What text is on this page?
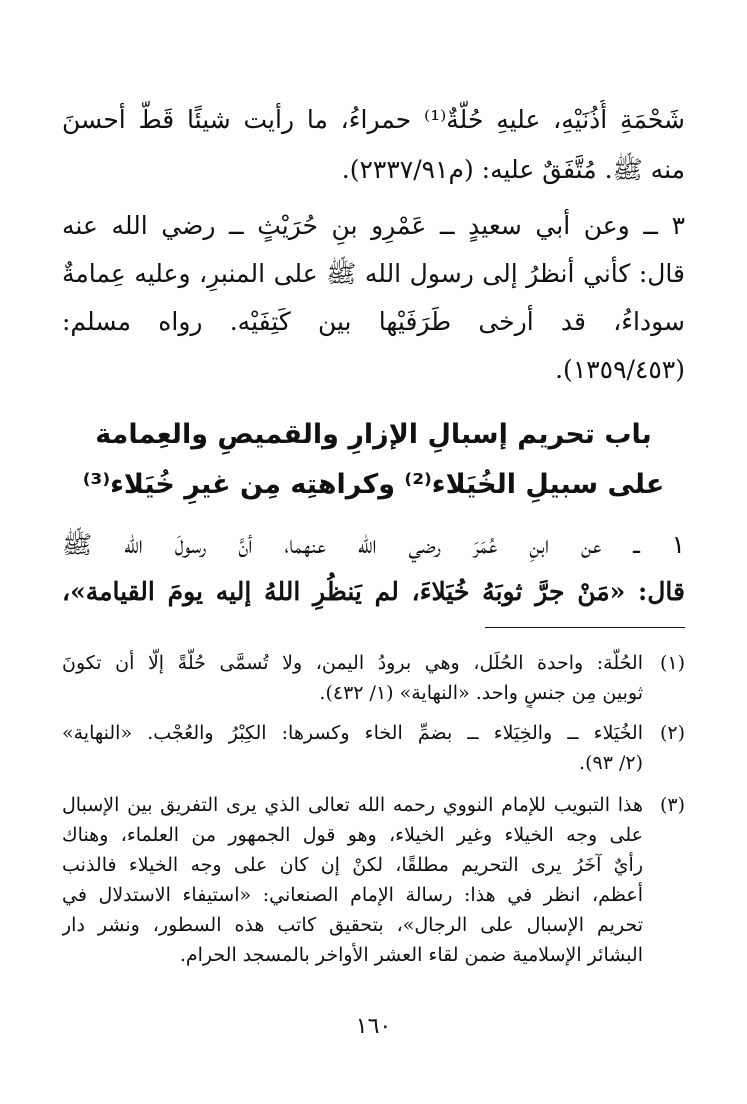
شَحْمَةِ أُذُنَيْهِ، عليهِ حُلَّةٌ⁽¹⁾ حمراءُ، ما رأيت شيئًا قَطُّ أحسنَ
منه ﷺ. مُتَّفَقٌ عليه: (م٢٣٣٧/٩١).
٣ ــ وعن أبي سعيدٍ ــ عَمْرِو بنِ حُرَيْثٍ ــ رضي الله عنه
قال: كأني أنظرُ إلى رسول الله ﷺ على المنبرِ، وعليه عِمامةٌ
سوداءُ، قد أرخى طَرَفَيْها بين كَتِفَيْه. رواه مسلم:
(١٣٥٩/٤٥٣).
باب تحريم إسبالِ الإزارِ والقميصِ والعِمامة
على سبيلِ الخُيَلاء⁽²⁾ وكراهتِه مِن غيرِ خُيَلاء⁽³⁾
١ ــ عن ابنِ عُمَرَ رضي الله عنهما، أنَّ رسولَ الله ﷺ
قال: «مَنْ جرَّ ثوبَهُ خُيَلاءَ، لم يَنظُرِ اللهُ إليه يومَ القيامة»،
(١)
الحُلَّة: واحدة الحُلَل، وهي برودُ اليمن، ولا تُسمَّى حُلَّةً إلَّا أن تكونَ
ثوبين مِن جنسٍ واحد. «النهاية» (١/ ٤٣٢).
(٢)
الخُيَلاء ــ والخِيَلاء ــ بضمِّ الخاء وكسرها: الكِبْرُ والعُجْب. «النهاية»
(٢/ ٩٣).
(٣)
هذا التبويب للإمام النووي رحمه الله تعالى الذي يرى التفريق بين الإسبال
على وجه الخيلاء وغير الخيلاء، وهو قول الجمهور من العلماء، وهناك
رأيٌ آخَرُ يرى التحريم مطلقًا، لكنْ إن كان على وجه الخيلاء فالذنب
أعظم، انظر في هذا: رسالة الإمام الصنعاني: «استيفاء الاستدلال في
تحريم الإسبال على الرجال»، بتحقيق كاتب هذه السطور، ونشر دار
البشائر الإسلامية ضمن لقاء العشر الأواخر بالمسجد الحرام.
١٦٠
